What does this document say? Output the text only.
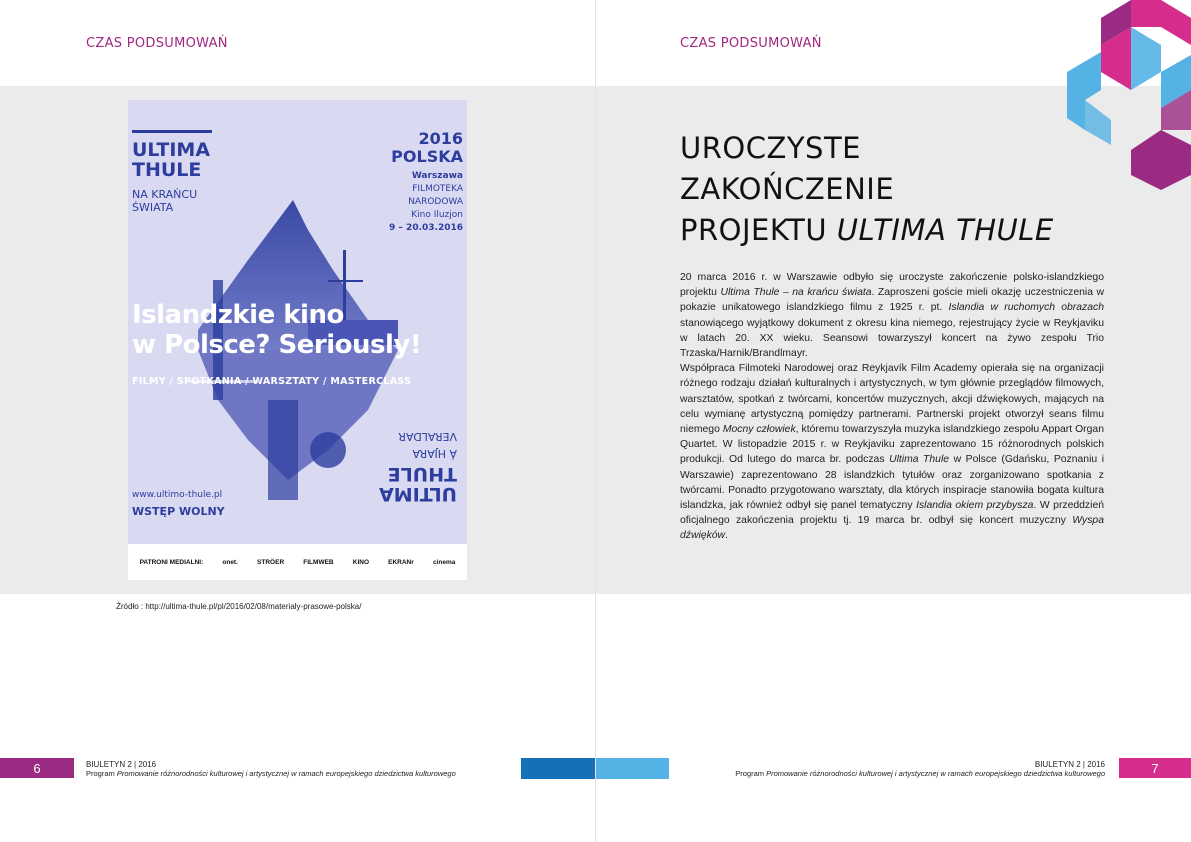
CZAS PODSUMOWAŃ
ULTIMA
THULE
NA KRAŃCU
ŚWIATA
2016
POLSKA
Warszawa
FILMOTEKA
NARODOWA
Kino Iluzjon
9 – 20.03.2016
Islandzkie kino
w Polsce? Seriously!
FILMY / SPOTKANIA / WARSZTATY / MASTERCLASS
ULTIMA
THULE
Á HJARA
VERALDAR
www.ultimo-thule.pl
WSTĘP WOLNY
PATRONI MEDIALNI:	onet.	STRÖER	FILMWEB	KINO	EKRANr	cinema
Źródło : http://ultima-thule.pl/pl/2016/02/08/materialy-prasowe-polska/
6	BIULETYN 2 | 2016
Program Promowanie różnorodności kulturowej i artystycznej w ramach europejskiego dziedzictwa kulturowego
CZAS PODSUMOWAŃ
UROCZYSTE
ZAKOŃCZENIE
PROJEKTU ULTIMA THULE

20 marca 2016 r. w Warszawie odbyło się uroczyste zakończenie polsko-islandzkiego projektu Ultima Thule – na krańcu świata. Zaproszeni goście mieli okazję uczestniczenia w pokazie unikatowego islandzkiego filmu z 1925 r. pt. Islandia w ruchomych obrazach stanowiącego wyjątkowy dokument z okresu kina niemego, rejestrujący życie w Reykjaviku w latach 20. XX wieku. Seansowi towarzyszył koncert na żywo zespołu Trio Trzaska/Harnik/Brandlmayr.

Współpraca Filmoteki Narodowej oraz Reykjavík Film Academy opierała się na organizacji różnego rodzaju działań kulturalnych i artystycznych, w tym głównie przeglądów filmowych, warsztatów, spotkań z twórcami, koncertów muzycznych, akcji dźwiękowych, mających na celu wymianę artystyczną pomiędzy partnerami. Partnerski projekt otworzył seans filmu niemego Mocny człowiek, któremu towarzyszyła muzyka islandzkiego zespołu Appart Organ Quartet. W listopadzie 2015 r. w Reykjaviku zaprezentowano 15 różnorodnych polskich produkcji. Od lutego do marca br. podczas Ultima Thule w Polsce (Gdańsku, Poznaniu i Warszawie) zaprezentowano 28 islandzkich tytułów oraz zorganizowano spotkania z twórcami. Ponadto przygotowano warsztaty, dla których inspiracje stanowiła bogata kultura islandzka, jak również odbył się panel tematyczny Islandia okiem przybysza. W przeddzień oficjalnego zakończenia projektu tj. 19 marca br. odbył się koncert muzyczny Wyspa dźwięków.

BIULETYN 2 | 2016
Program Promowanie różnorodności kulturowej i artystycznej w ramach europejskiego dziedzictwa kulturowego	7
